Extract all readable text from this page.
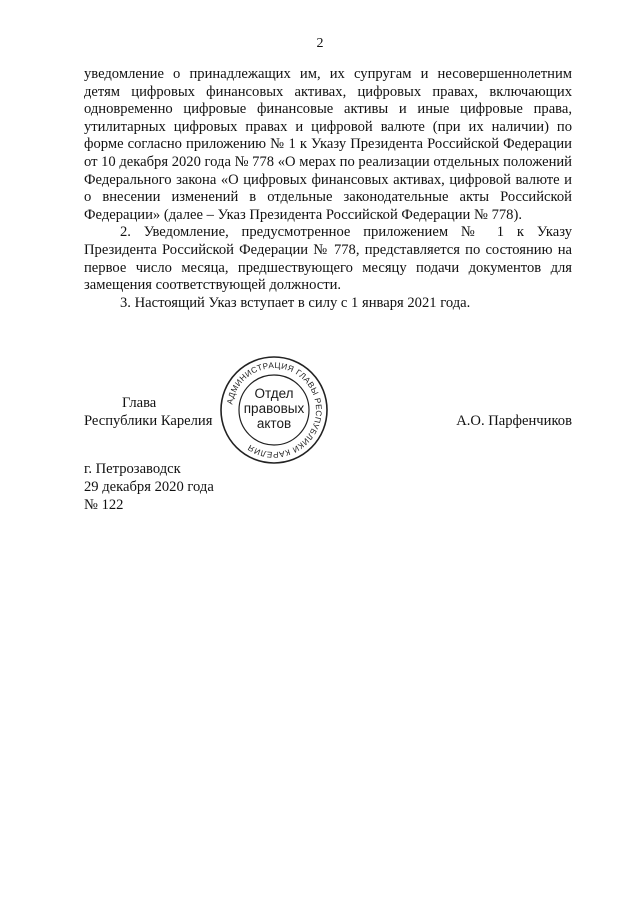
2

уведомление о принадлежащих им, их супругам и несовершеннолетним детям цифровых финансовых активах, цифровых правах, включающих одновременно цифровые финансовые активы и иные цифровые права, утилитарных цифровых правах и цифровой валюте (при их наличии) по форме согласно приложению № 1 к Указу Президента Российской Федерации от 10 декабря 2020 года № 778 «О мерах по реализации отдельных положений Федерального закона «О цифровых финансовых активах, цифровой валюте и о внесении изменений в отдельные законодательные акты Российской Федерации» (далее – Указ Президента Российской Федерации № 778).

2. Уведомление, предусмотренное приложением № 1 к Указу Президента Российской Федерации № 778, представляется по состоянию на первое число месяца, предшествующего месяцу подачи документов для замещения соответствующей должности.

3. Настоящий Указ вступает в силу с 1 января 2021 года.

Глава
Республики Карелия
АДМИНИСТРАЦИЯ ГЛАВЫ РЕСПУБЛИКИ КАРЕЛИЯ
Отдел
правовых
актов	А.О. Парфенчиков
г. Петрозаводск
29 декабря 2020 года
№ 122
